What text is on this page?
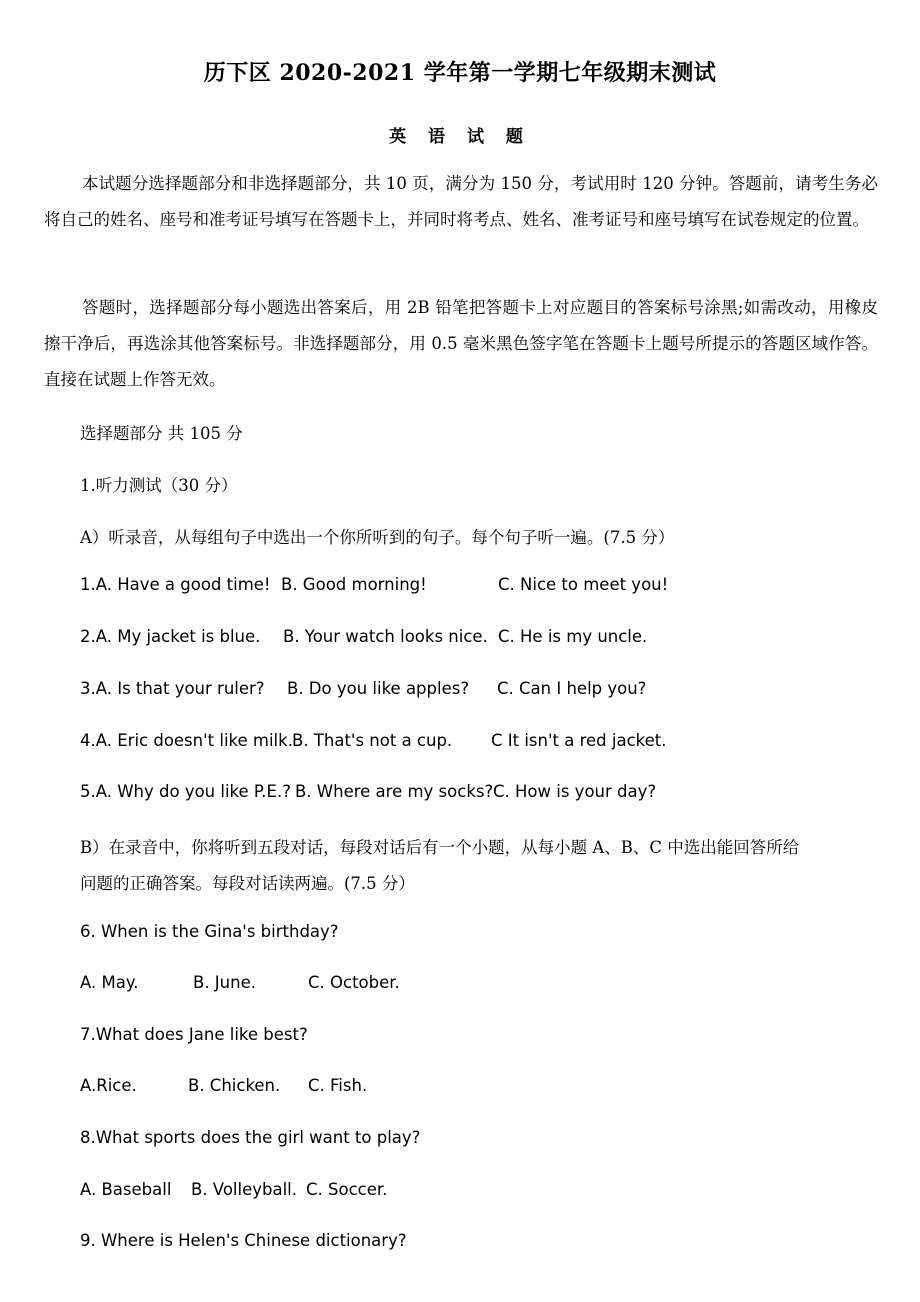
历下区 2020-2021 学年第一学期七年级期末测试
英 语 试 题
本试题分选择题部分和非选择题部分，共 10 页，满分为 150 分，考试用时 120 分钟。答题前，请考生务必将自己的姓名、座号和准考证号填写在答题卡上，并同时将考点、姓名、准考证号和座号填写在试卷规定的位置。
答题时，选择题部分每小题选出答案后，用 2B 铅笔把答题卡上对应题目的答案标号涂黑;如需改动，用橡皮擦干净后，再选涂其他答案标号。非选择题部分，用 0.5 毫米黑色签字笔在答题卡上题号所提示的答题区域作答。直接在试题上作答无效。
选择题部分 共 105 分
1.听力测试（30 分）
A）听录音，从每组句子中选出一个你所听到的句子。每个句子听一遍。(7.5 分）
1.A. Have a good time! B. Good morning!	C. Nice to meet you!
2.A. My jacket is blue. B. Your watch looks nice. C. He is my uncle.
3.A. Is that your ruler? B. Do you like apples? C. Can I help you?
4.A. Eric doesn't like milk. B. That's not a cup. C It isn't a red jacket.
5.A. Why do you like P.E.? B. Where are my socks? C. How is your day?
B）在录音中，你将听到五段对话，每段对话后有一个小题，从每小题 A、B、C 中选出能回答所给
问题的正确答案。每段对话读两遍。(7.5 分）
6. When is the Gina's birthday?
A. May.	B. June.	C. October.
7.What does Jane like best?
A.Rice.	B. Chicken. C. Fish.
8.What sports does the girl want to play?
A. Baseball B. Volleyball. C. Soccer.
9. Where is Helen's Chinese dictionary?
